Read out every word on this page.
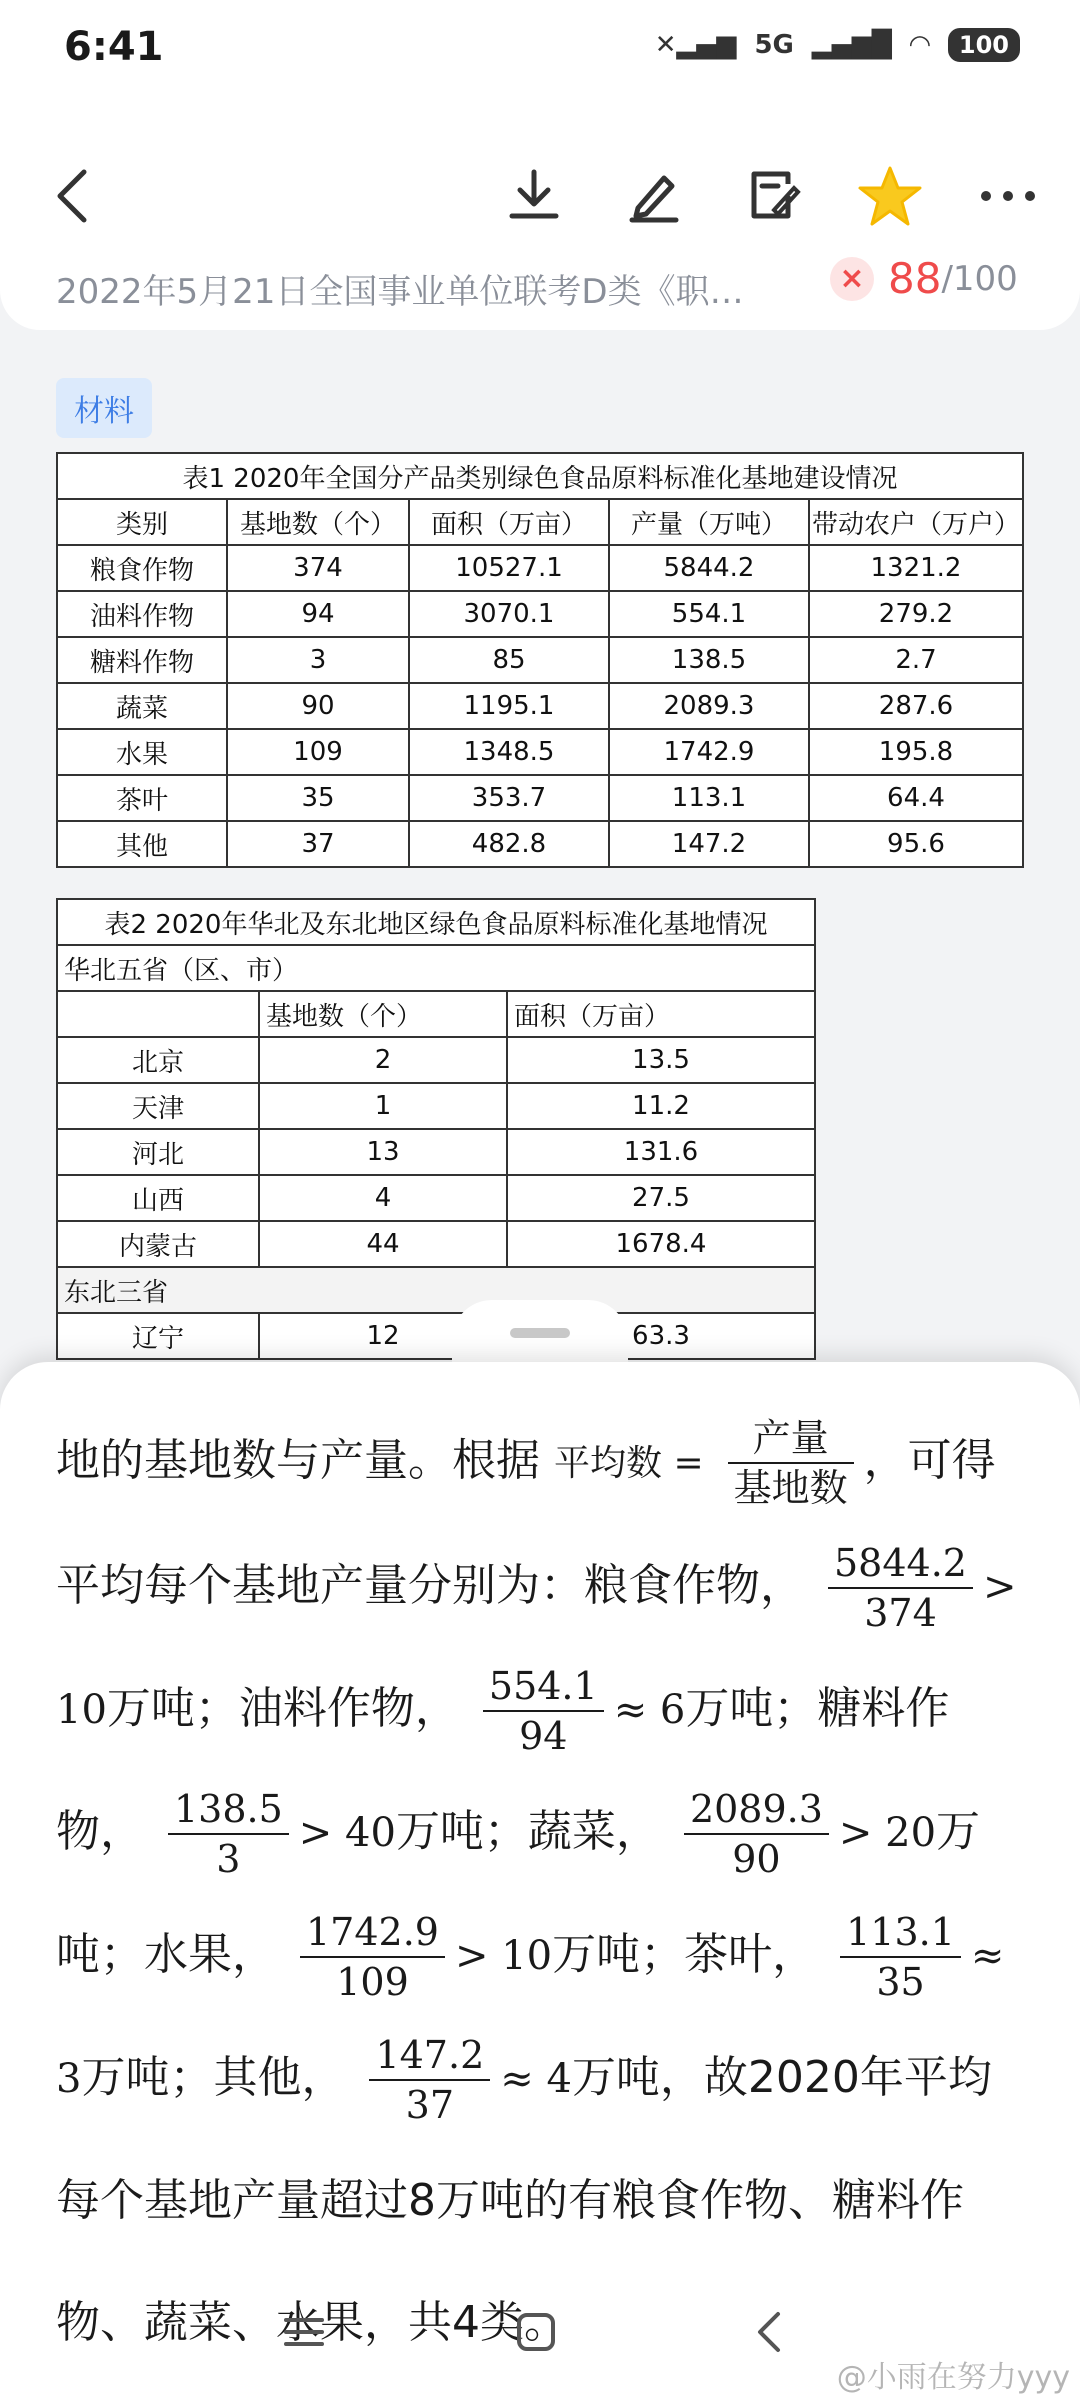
6:41	✕▂▄▆ 5G ▂▄▆█ ◠	100
2022年5月21日全国事业单位联考D类《职…	× 88 /100
材料
表1 2020年全国分产品类别绿色食品原料标准化基地建设情况				
类别	基地数（个）	面积（万亩）	产量（万吨）	带动农户（万户）
粮食作物	374	10527.1	5844.2	1321.2
油料作物	94	3070.1	554.1	279.2
糖料作物	3	85	138.5	2.7
蔬菜	90	1195.1	2089.3	287.6
水果	109	1348.5	1742.9	195.8
茶叶	35	353.7	113.1	64.4
其他	37	482.8	147.2	95.6
表2 2020年华北及东北地区绿色食品原料标准化基地情况		
华北五省（区、市）		
	基地数（个）	面积（万亩）
北京	2	13.5
天津	1	11.2
河北	13	131.6
山西	4	27.5
内蒙古	44	1678.4
东北三省		
辽宁	12	63.3
地的基地数与产量。根据 平均数 = $\frac{\text{产量}}{\text{基地数}}$ ，可得平均每个基地产量分别为：粮食作物， $\frac{5844.2}{374} > 10$万吨；油料作物， $\frac{554.1}{94} \approx 6$万吨；糖料作物， $\frac{138.5}{3} > 40$万吨；蔬菜， $\frac{2089.3}{90} > 20$万吨；水果， $\frac{1742.9}{109} > 10$万吨；茶叶， $\frac{113.1}{35} \approx 3$万吨；其他， $\frac{147.2}{37} \approx 4$万吨，故2020年平均每个基地产量超过8万吨的有粮食作物、糖料作物、蔬菜、水果，共4类。
@小雨在努力yyy
